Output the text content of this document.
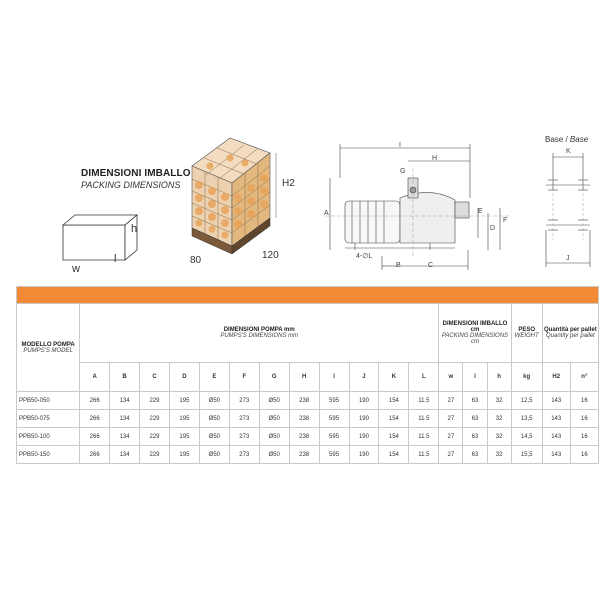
DIMENSIONI IMBALLO
PACKING DIMENSIONS
h
w
l
H2
80	120
I
H
G
A	E
D
F
4-∅L
B	C
Base / Base
K
J

MODELLO POMPA
PUMPS'S MODEL	DIMENSIONI POMPA mm
PUMPS'S DIMENSIONS mm												DIMENSIONI IMBALLO cm
PACKING DIMENSIONS
cm			PESO
WEIGHT	Quantità per pallet
Quantity per pallet	

	A	B	C	D	E	F	G	H	I	J	K	L	w	l	h	kg	H2	n°
PPB50-050	266	134	229	195	Ø50	273	Ø50	238	595	190	154	11.5	27	63	32	12,5	143	16
PPB50-075	266	134	229	195	Ø50	273	Ø50	238	595	190	154	11.5	27	63	32	13,5	143	16
PPB50-100	266	134	229	195	Ø50	273	Ø50	238	595	190	154	11.5	27	63	32	14,5	143	16
PPB50-150	266	134	229	195	Ø50	273	Ø50	238	595	190	154	11.5	27	63	32	15,5	143	16
